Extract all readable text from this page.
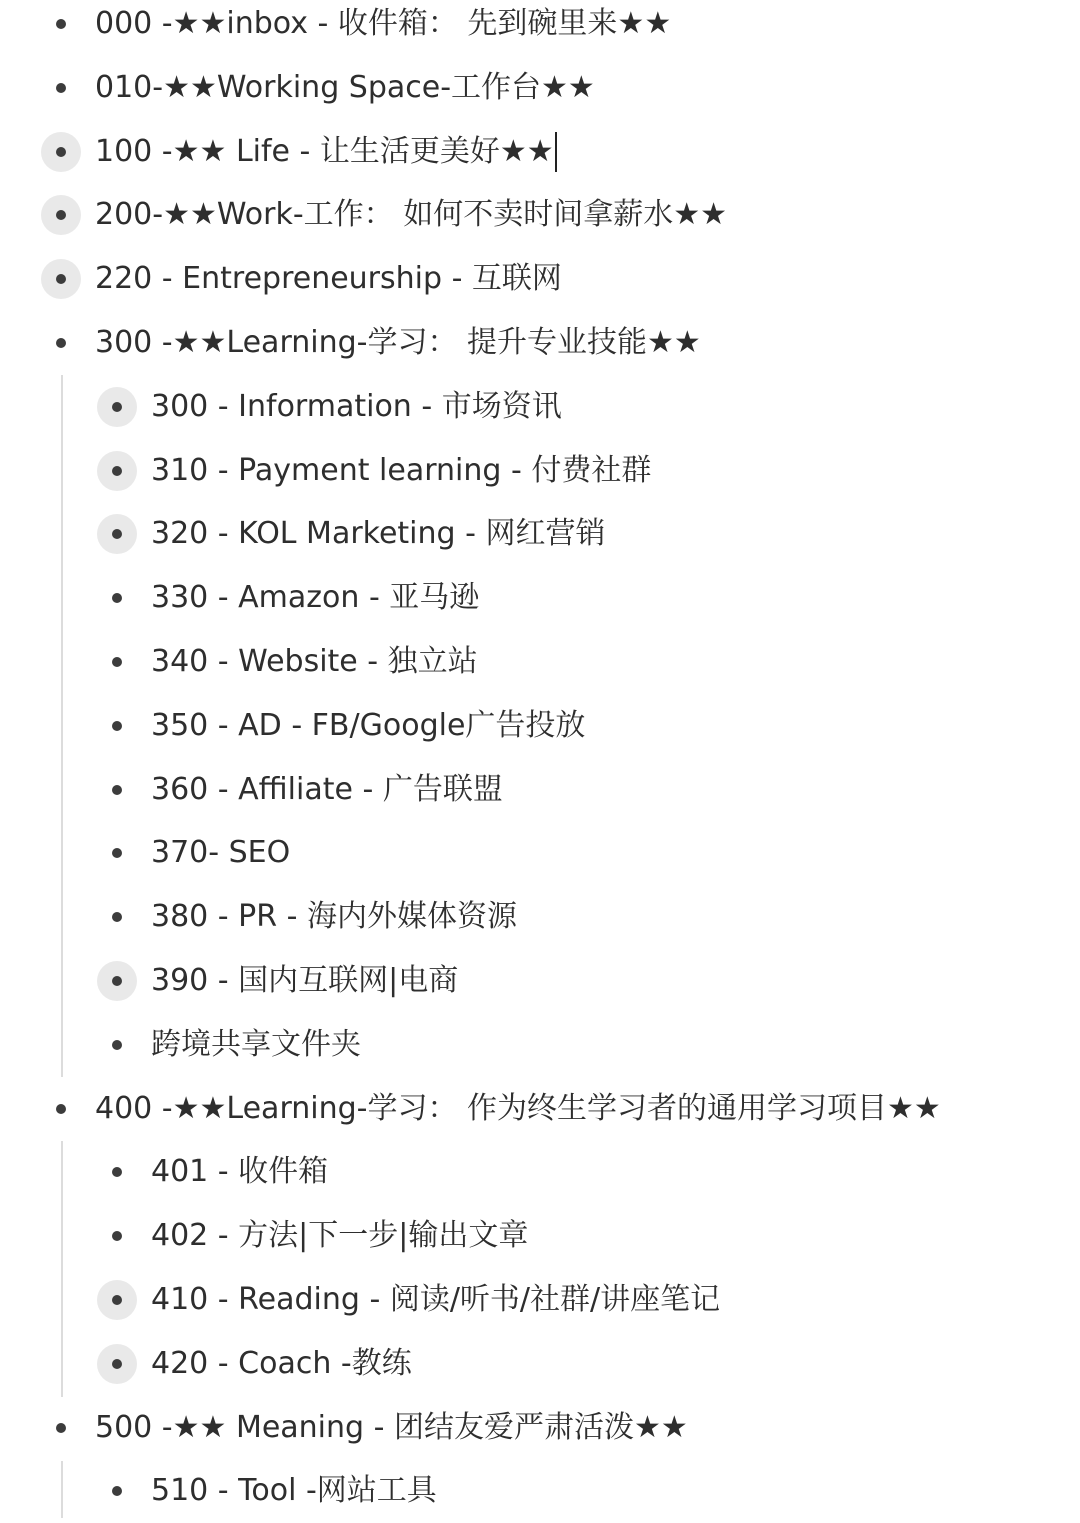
000 -★★inbox - 收件箱： 先到碗里来★★
010-★★Working Space-工作台★★
100 -★★ Life - 让生活更美好★★
200-★★Work-工作： 如何不卖时间拿薪水★★
220 - Entrepreneurship - 互联网
300 -★★Learning-学习： 提升专业技能★★
300 - Information - 市场资讯
310 - Payment learning - 付费社群
320 - KOL Marketing - 网红营销
330 - Amazon - 亚马逊
340 - Website - 独立站
350 - AD - FB/Google广告投放
360 - Affiliate - 广告联盟
370- SEO
380 - PR - 海内外媒体资源
390 - 国内互联网|电商
跨境共享文件夹
400 -★★Learning-学习： 作为终生学习者的通用学习项目★★
401 - 收件箱
402 - 方法|下一步|输出文章
410 - Reading - 阅读/听书/社群/讲座笔记
420 - Coach -教练
500 -★★ Meaning - 团结友爱严肃活泼★★
510 - Tool -网站工具
